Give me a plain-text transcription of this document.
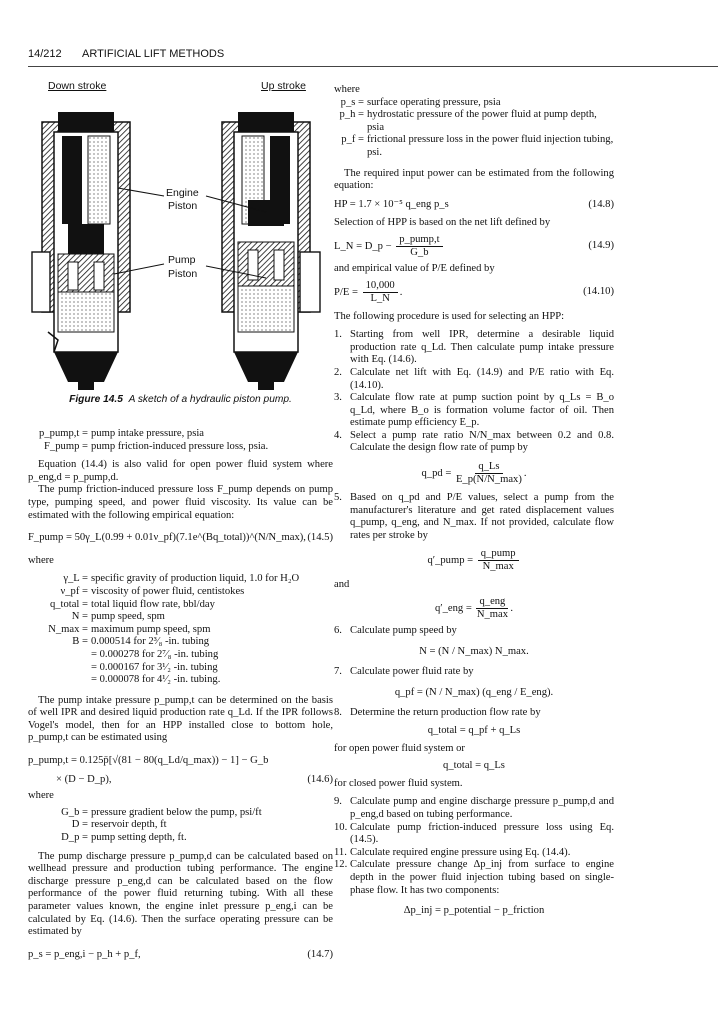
14/212 ARTIFICIAL LIFT METHODS
Down stroke	Up stroke
Engine
Piston
Pump
Piston
Figure 14.5 A sketch of a hydraulic piston pump.
p_pump,t = pump intake pressure, psia
F_pump = pump friction-induced pressure loss, psia.

Equation (14.4) is also valid for open power fluid system where p_eng,d = p_pump,d.

The pump friction-induced pressure loss F_pump depends on pump type, pumping speed, and power fluid viscosity. Its value can be estimated with the following empirical equation:

F_pump = 50γ_L(0.99 + 0.01ν_pf)(7.1e^(Bq_total))^(N/N_max), (14.5)

where

γ_L = specific gravity of production liquid, 1.0 for H₂O
ν_pf = viscosity of power fluid, centistokes
q_total = total liquid flow rate, bbl/day
N = pump speed, spm
N_max = maximum pump speed, spm
B = 0.000514 for 2³⁄₈ -in. tubing
= 0.000278 for 2⁷⁄₈ -in. tubing
= 0.000167 for 3¹⁄₂ -in. tubing
= 0.000078 for 4¹⁄₂ -in. tubing.

The pump intake pressure p_pump,t can be determined on the basis of well IPR and desired liquid production rate q_Ld. If the IPR follows Vogel's model, then for an HPP installed close to bottom hole, p_pump,t can be estimated using

p_pump,t = 0.125p̄[√(81 − 80(q_Ld/q_max)) − 1] − G_b
× (D − D_p),	(14.6)

where

G_b = pressure gradient below the pump, psi/ft
D = reservoir depth, ft
D_p = pump setting depth, ft.

The pump discharge pressure p_pump,d can be calculated based on wellhead pressure and production tubing performance. The engine discharge pressure p_eng,d can be calculated based on the flow performance of the power fluid returning tubing. With all these parameter values known, the engine inlet pressure p_eng,i can be calculated by Eq. (14.6). Then the surface operating pressure can be estimated by

p_s = p_eng,i − p_h + p_f,	(14.7)

where

p_s = surface operating pressure, psia
p_h = hydrostatic pressure of the power fluid at pump depth, psia
p_f = frictional pressure loss in the power fluid injection tubing, psi.

The required input power can be estimated from the following equation:

HP = 1.7 × 10⁻⁵ q_eng p_s	(14.8)

Selection of HPP is based on the net lift defined by

L_N = D_p − $\frac{\text{p\_pump,t}}{G\_b}$	(14.9)

and empirical value of P/E defined by

$P/E = \frac{10,000}{L\_N}$ .	(14.10)

The following procedure is used for selecting an HPP:

1. Starting from well IPR, determine a desirable liquid production rate q_Ld. Then calculate pump intake pressure with Eq. (14.6).
2. Calculate net lift with Eq. (14.9) and P/E ratio with Eq. (14.10).
3. Calculate flow rate at pump suction point by q_Ls = B_o q_Ld, where B_o is formation volume factor of oil. Then estimate pump efficiency E_p.
4. Select a pump rate ratio N/N_max between 0.2 and 0.8. Calculate the design flow rate of pump by
q_pd = $\frac{q\_Ls}{E\_p(N/N\_\max)}$ .
5. Based on q_pd and P/E values, select a pump from the manufacturer's literature and get rated displacement values q_pump, q_eng, and N_max. If not provided, calculate flow rates per stroke by
q′_pump = $\frac{\text{q\_pump}}{N\_\max}$

and

q′_eng = $\frac{\text{q\_eng}}{N\_\max}$ .
6. Calculate pump speed by
N = (N / N_max) N_max.
7. Calculate power fluid rate by
q_pf = (N / N_max) (q_eng / E_eng).
8. Determine the return production flow rate by
q_total = q_pf + q_Ls

for open power fluid system or

q_total = q_Ls

for closed power fluid system.

9. Calculate pump and engine discharge pressure p_pump,d and p_eng,d based on tubing performance.
10. Calculate pump friction-induced pressure loss using Eq. (14.5).
11. Calculate required engine pressure using Eq. (14.4).
12. Calculate pressure change Δp_inj from surface to engine depth in the power fluid injection tubing based on single-phase flow. It has two components:
Δp_inj = p_potential − p_friction
